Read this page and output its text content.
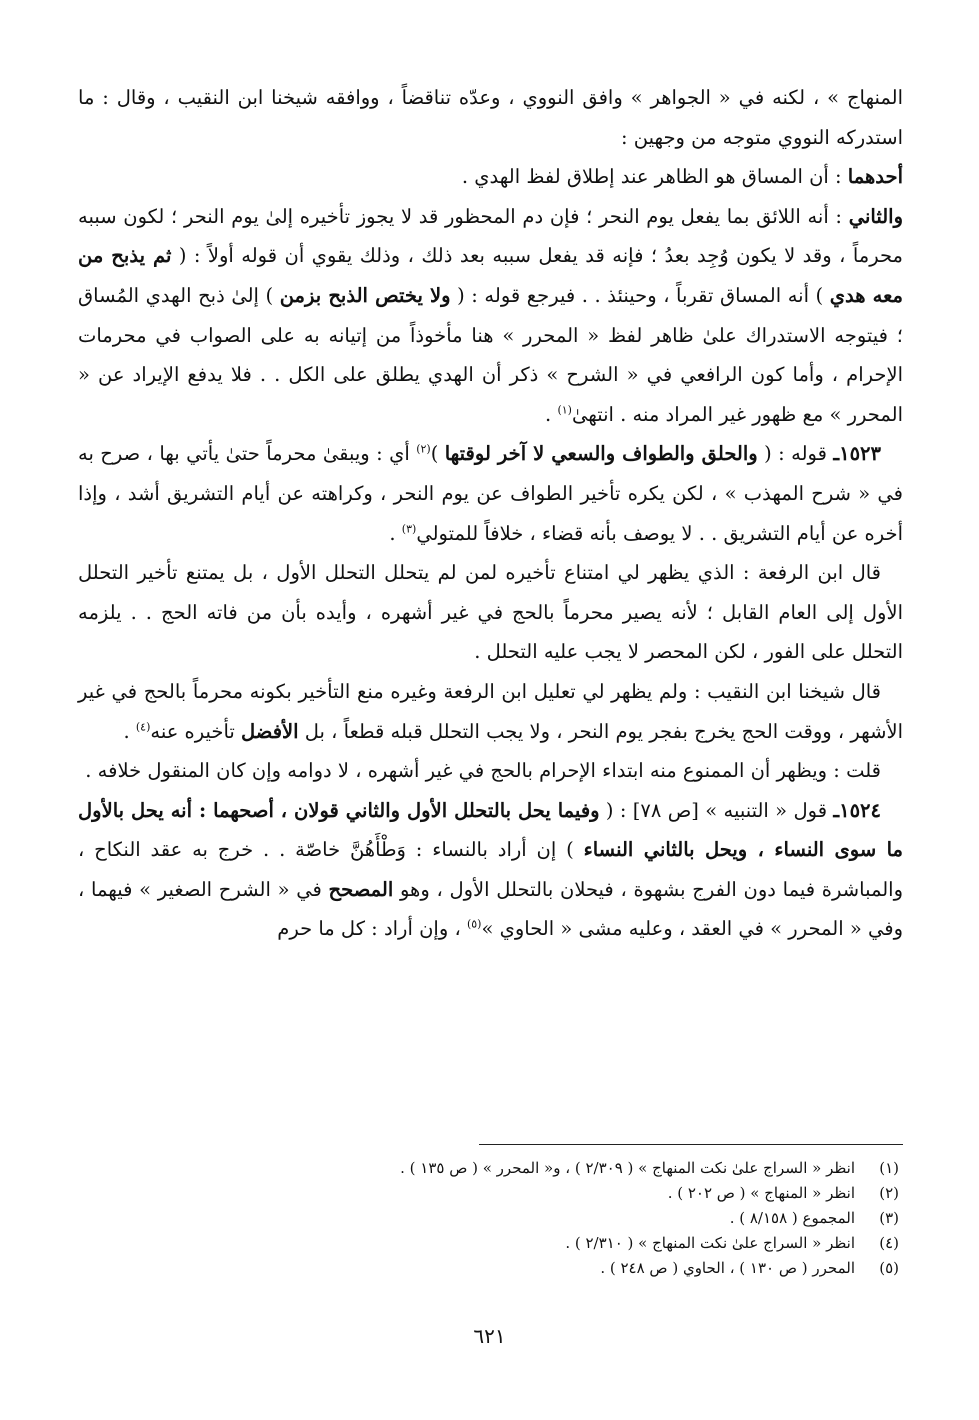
المنهاج » ، لكنه في « الجواهر » وافق النووي ، وعدّه تناقضاً ، ووافقه شيخنا ابن النقيب ، وقال : ما استدركه النووي متوجه من وجهين :

أحدهما : أن المساق هو الظاهر عند إطلاق لفظ الهدي .

والثاني : أنه اللائق بما يفعل يوم النحر ؛ فإن دم المحظور قد لا يجوز تأخيره إلىٰ يوم النحر ؛ لكون سببه محرماً ، وقد لا يكون وُجِد بعدُ ؛ فإنه قد يفعل سببه بعد ذلك ، وذلك يقوي أن قوله أولاً : ( ثم يذبح من معه هدي ) أنه المساق تقرباً ، وحينئذ . . فيرجع قوله : ( ولا يختص الذبح بزمن ) إلىٰ ذبح الهدي المُساق ؛ فيتوجه الاستدراك علىٰ ظاهر لفظ « المحرر » هنا مأخوذاً من إتيانه به على الصواب في محرمات الإحرام ، وأما كون الرافعي في « الشرح » ذكر أن الهدي يطلق على الكل . . فلا يدفع الإيراد عن « المحرر » مع ظهور غير المراد منه . انتهىٰ$^{(١)}$ .

١٥٢٣ـ قوله : ( والحلق والطواف والسعي لا آخر لوقتها )$^{(٢)}$ أي : ويبقىٰ محرماً حتىٰ يأتي بها ، صرح به في « شرح المهذب » ، لكن يكره تأخير الطواف عن يوم النحر ، وكراهته عن أيام التشريق أشد ، وإذا أخره عن أيام التشريق . . لا يوصف بأنه قضاء ، خلافاً للمتولي$^{(٣)}$ .

قال ابن الرفعة : الذي يظهر لي امتناع تأخيره لمن لم يتحلل التحلل الأول ، بل يمتنع تأخير التحلل الأول إلى العام القابل ؛ لأنه يصير محرماً بالحج في غير أشهره ، وأيده بأن من فاته الحج . . يلزمه التحلل على الفور ، لكن المحصر لا يجب عليه التحلل .

قال شيخنا ابن النقيب : ولم يظهر لي تعليل ابن الرفعة وغيره منع التأخير بكونه محرماً بالحج في غير الأشهر ، ووقت الحج يخرج بفجر يوم النحر ، ولا يجب التحلل قبله قطعاً ، بل الأفضل تأخيره عنه$^{(٤)}$ .

قلت : ويظهر أن الممنوع منه ابتداء الإحرام بالحج في غير أشهره ، لا دوامه وإن كان المنقول خلافه .

١٥٢٤ـ قول « التنبيه » [ص ٧٨] : ( وفيما يحل بالتحلل الأول والثاني قولان ، أصحهما : أنه يحل بالأول ما سوى النساء ، ويحل بالثاني النساء ) إن أراد بالنساء : وَطْأَهُنَّ خاصّة . . خرج به عقد النكاح ، والمباشرة فيما دون الفرج بشهوة ، فيحلان بالتحلل الأول ، وهو المصحح في « الشرح الصغير » فيهما ، وفي « المحرر » في العقد ، وعليه مشى « الحاوي »$^{(٥)}$ ، وإن أراد : كل ما حرم

(١)
انظر « السراج علىٰ نكت المنهاج » ( ٢/٣٠٩ ) ، و« المحرر » ( ص ١٣٥ ) .
(٢)
انظر « المنهاج » ( ص ٢٠٢ ) .
(٣)
المجموع ( ٨/١٥٨ ) .
(٤)
انظر « السراج علىٰ نكت المنهاج » ( ٢/٣١٠ ) .
(٥)
المحرر ( ص ١٣٠ ) ، الحاوي ( ص ٢٤٨ ) .
٦٢١
